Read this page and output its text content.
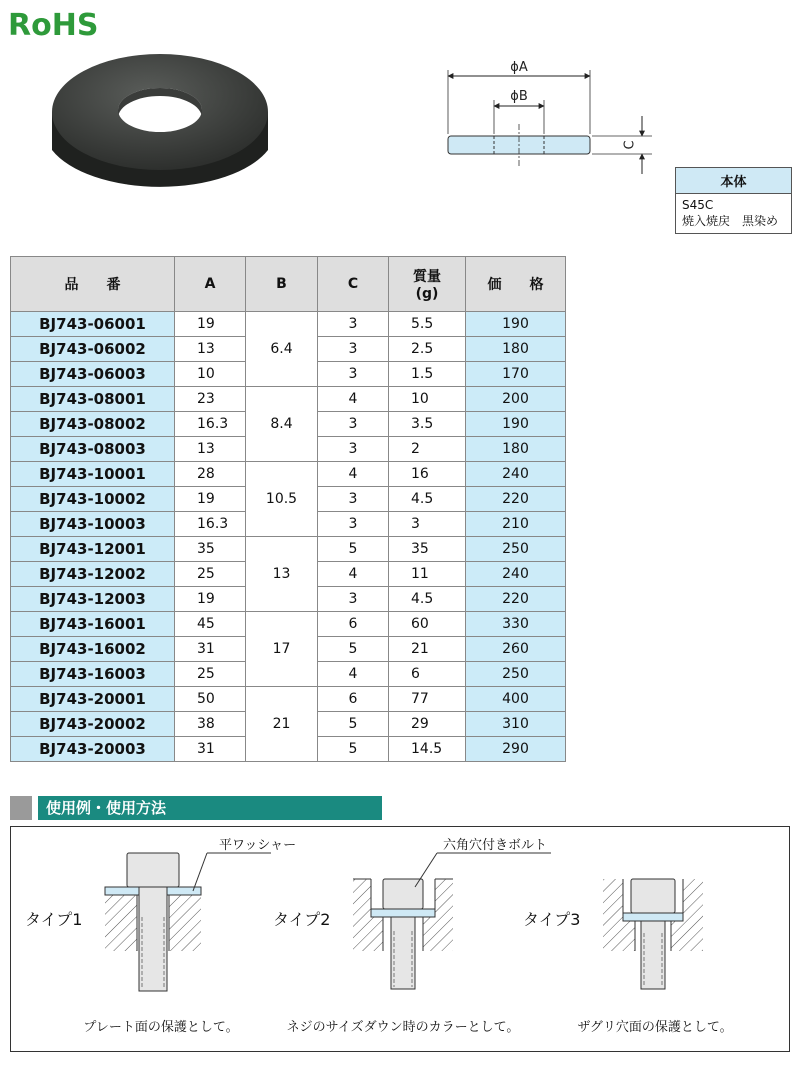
RoHS
ϕA
ϕB
C
本体
S45C
焼入焼戻　黒染め
品　　番	A	B	C	質量
(g)	価　　格
BJ743-06001	19	6.4	3	5.5	190
BJ743-06002	13		3	2.5	180
BJ743-06003	10		3	1.5	170
BJ743-08001	23	8.4	4	10	200
BJ743-08002	16.3		3	3.5	190
BJ743-08003	13		3	2	180
BJ743-10001	28	10.5	4	16	240
BJ743-10002	19		3	4.5	220
BJ743-10003	16.3		3	3	210
BJ743-12001	35	13	5	35	250
BJ743-12002	25		4	11	240
BJ743-12003	19		3	4.5	220
BJ743-16001	45	17	6	60	330
BJ743-16002	31		5	21	260
BJ743-16003	25		4	6	250
BJ743-20001	50	21	6	77	400
BJ743-20002	38		5	29	310
BJ743-20003	31		5	14.5	290
使用例・使用方法
平ワッシャー
タイプ1
プレート面の保護として。
六角穴付きボルト
タイプ2
ネジのサイズダウン時のカラーとして。
タイプ3
ザグリ穴面の保護として。
